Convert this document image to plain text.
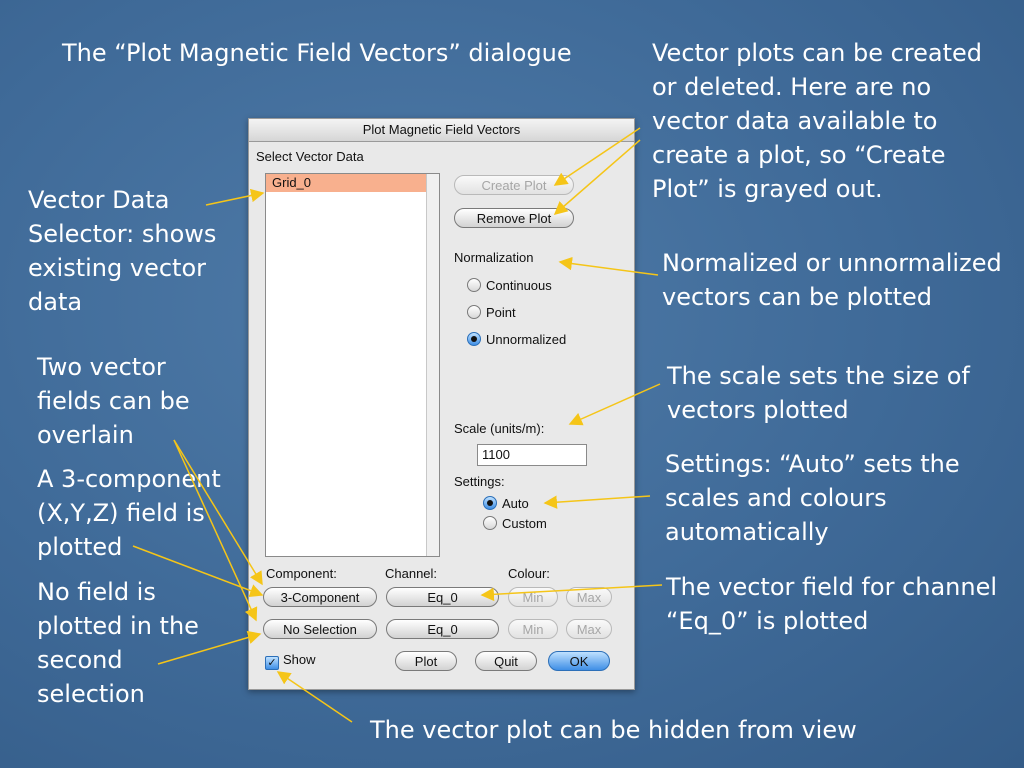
The “Plot Magnetic Field Vectors” dialogue	Vector plots can be created
or deleted. Here are no
vector data available to
create a plot, so “Create
Plot” is grayed out.
Vector Data
Selector: shows
existing vector
data
Normalized or unnormalized
vectors can be plotted
Two vector
fields can be
overlain
The scale sets the size of
vectors plotted
A 3-component
(X,Y,Z) field is
plotted
Settings: “Auto” sets the
scales and colours
automatically
No field is
plotted in the
second
selection
The vector field for channel
“Eq_0” is plotted
The vector plot can be hidden from view
Plot Magnetic Field Vectors
Select Vector Data
Grid_0	Create Plot
Remove Plot
Normalization
Continuous
Point
Unnormalized
Scale (units/m):
1100
Settings:
Auto
Custom
Component:	Channel:	Colour:
3-Component	Eq_0	Min	Max
No Selection	Eq_0	Min	Max
✓ Show	Plot	Quit	OK
